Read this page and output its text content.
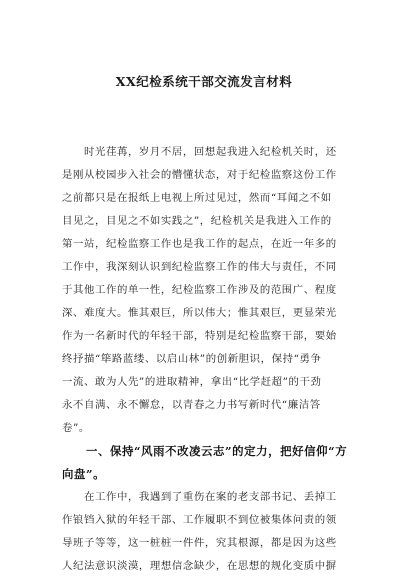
XX纪检系统干部交流发言材料
　　时光荏苒，岁月不居，回想起我进入纪检机关时，还
是刚从校园步入社会的懵懂状态，对于纪检监察这份工作
之前都只是在报纸上电视上所过见过，然而“耳闻之不如
目见之，目见之不如实践之”，纪检机关是我进入工作的
第一站，纪检监察工作也是我工作的起点，在近一年多的
工作中，我深刻认识到纪检监察工作的伟大与责任，不同
于其他工作的单一性，纪检监察工作涉及的范围广、程度
深、难度大。惟其艰巨，所以伟大；惟其艰巨，更显荣光
作为一名新时代的年轻干部，特别是纪检监察干部，要始
终抒描“筚路蓝缕、以启山林”的创新胆识，保持“勇争
一流、敢为人先”的进取精神，拿出“比学赶超”的干劲
永不自满、永不懈怠，以青春之力书写新时代“廉洁答
卷”。
　　一、保持“风雨不改凌云志”的定力，把好信仰“方
向盘”。
　　在工作中，我遇到了重伤在案的老支部书记、丢掉工
作锒铛入狱的年轻干部、工作履职不到位被集体问责的领
导班子等等，这一桩桩一件件，究其根源，都是因为这些
人纪法意识淡漠，理想信念缺少，在思想的规化变质中摒
